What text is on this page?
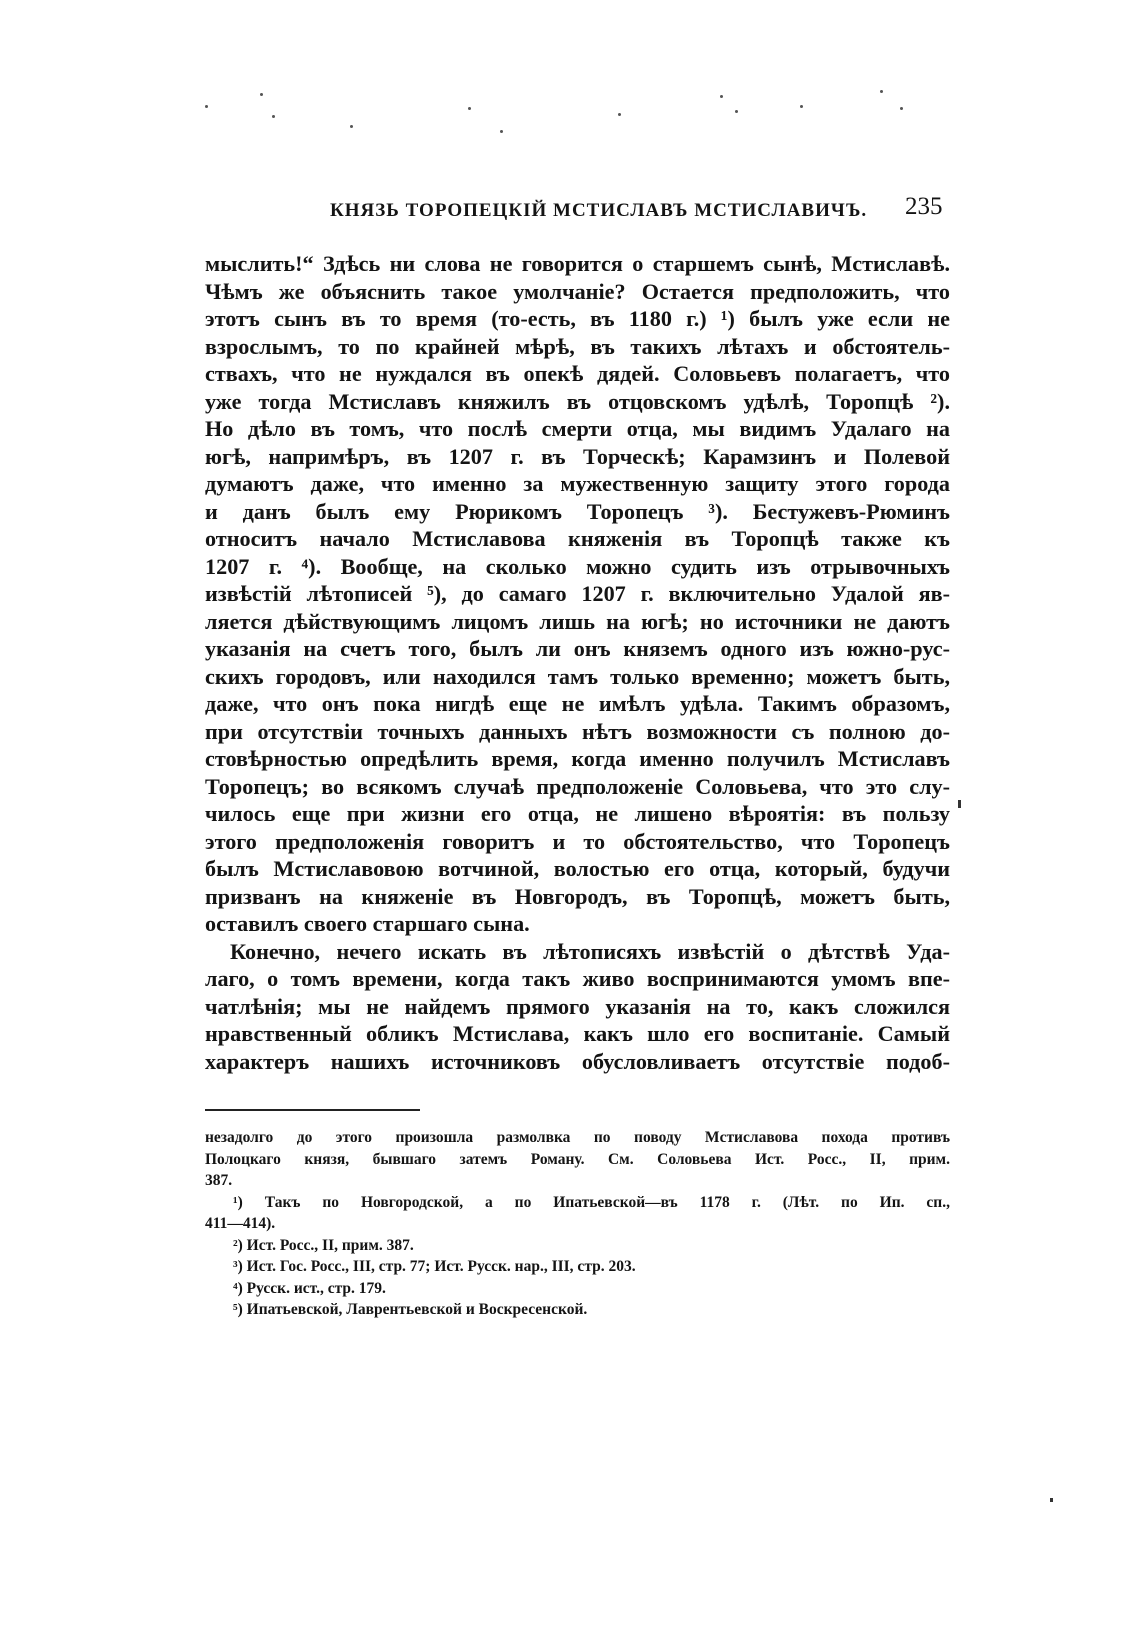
КНЯЗЬ ТОРОПЕЦКІЙ МСТИСЛАВЪ МСТИСЛАВИЧЪ. 235
мыслить!“ Здѣсь ни слова не говорится о старшемъ сынѣ, Мстиславѣ.
Чѣмъ же объяснить такое умолчаніе? Остается предположить, что
этотъ сынъ въ то время (то-есть, въ 1180 г.) ¹) былъ уже если не
взрослымъ, то по крайней мѣрѣ, въ такихъ лѣтахъ и обстоятель-
ствахъ, что не нуждался въ опекѣ дядей. Соловьевъ полагаетъ, что
уже тогда Мстиславъ княжилъ въ отцовскомъ удѣлѣ, Торопцѣ ²).
Но дѣло въ томъ, что послѣ смерти отца, мы видимъ Удалаго на
югѣ, напримѣръ, въ 1207 г. въ Торческѣ; Карамзинъ и Полевой
думаютъ даже, что именно за мужественную защиту этого города
и данъ былъ ему Рюрикомъ Торопецъ ³). Бестужевъ-Рюминъ
относитъ начало Мстиславова княженія въ Торопцѣ также къ
1207 г. ⁴). Вообще, на сколько можно судить изъ отрывочныхъ
извѣстій лѣтописей ⁵), до самаго 1207 г. включительно Удалой яв-
ляется дѣйствующимъ лицомъ лишь на югѣ; но источники не даютъ
указанія на счетъ того, былъ ли онъ княземъ одного изъ южно-рус-
скихъ городовъ, или находился тамъ только временно; можетъ быть,
даже, что онъ пока нигдѣ еще не имѣлъ удѣла. Такимъ образомъ,
при отсутствіи точныхъ данныхъ нѣтъ возможности съ полною до-
стовѣрностью опредѣлить время, когда именно получилъ Мстиславъ
Торопецъ; во всякомъ случаѣ предположеніе Соловьева, что это слу-
чилось еще при жизни его отца, не лишено вѣроятія: въ пользу
этого предположенія говоритъ и то обстоятельство, что Торопецъ
былъ Мстиславовою вотчиной, волостью его отца, который, будучи
призванъ на княженіе въ Новгородъ, въ Торопцѣ, можетъ быть,
оставилъ своего старшаго сына.
Конечно, нечего искать въ лѣтописяхъ извѣстій о дѣтствѣ Уда-
лаго, о томъ времени, когда такъ живо воспринимаются умомъ впе-
чатлѣнія; мы не найдемъ прямого указанія на то, какъ сложился
нравственный обликъ Мстислава, какъ шло его воспитаніе. Самый
характеръ нашихъ источниковъ обусловливаетъ отсутствіе подоб-
незадолго до этого произошла размолвка по поводу Мстиславова похода противъ
Полоцкаго князя, бывшаго затемъ Роману. См. Соловьева Ист. Росс., II, прим.
387.
¹) Такъ по Новгородской, а по Ипатьевской—въ 1178 г. (Лѣт. по Ип. сп.,
411—414).
²) Ист. Росс., II, прим. 387.
³) Ист. Гос. Росс., III, стр. 77; Ист. Русск. нар., III, стр. 203.
⁴) Русск. ист., стр. 179.
⁵) Ипатьевской, Лаврентьевской и Воскресенской.
